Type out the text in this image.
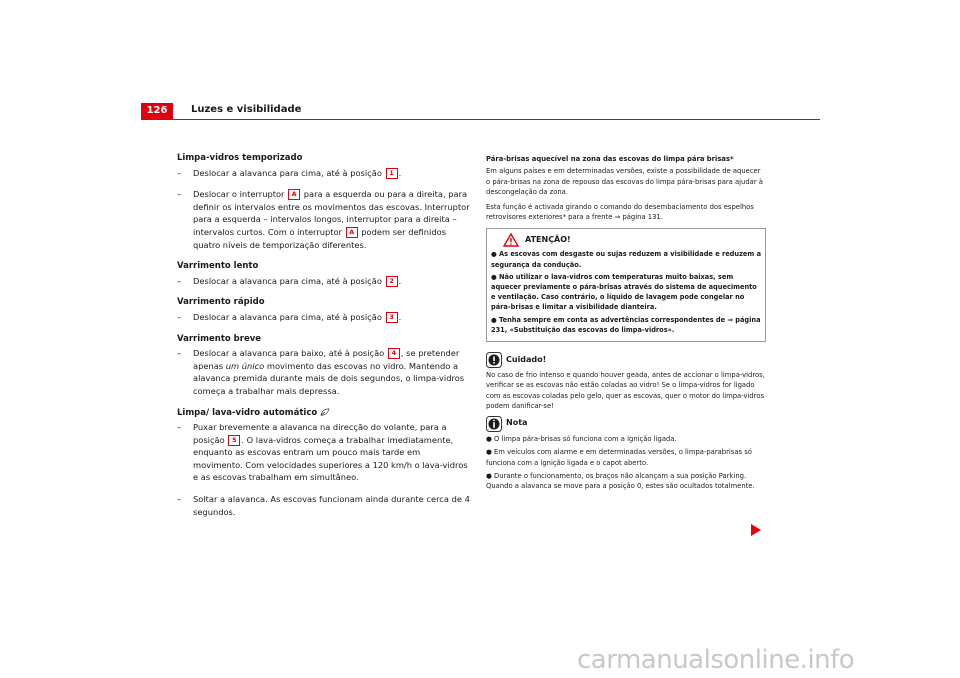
126	Luzes e visibilidade
Limpa-vidros temporizado
– Deslocar a alavanca para cima, até à posição 1 .
– Deslocar o interruptor A para a esquerda ou para a direita, para definir os intervalos entre os movimentos das escovas. Interruptor para a esquerda – intervalos longos, interruptor para a direita – intervalos curtos. Com o interruptor A podem ser definidos quatro níveis de temporização diferentes.
Varrimento lento
– Deslocar a alavanca para cima, até à posição 2 .
Varrimento rápido
– Deslocar a alavanca para cima, até à posição 3 .
Varrimento breve
– Deslocar a alavanca para baixo, até à posição 4 , se pretender apenas um único movimento das escovas no vidro. Mantendo a alavanca premida durante mais de dois segundos, o limpa-vidros começa a trabalhar mais depressa.
Limpa/ lava-vidro automático
– Puxar brevemente a alavanca na direcção do volante, para a posição 5 . O lava-vidros começa a trabalhar imediatamente, enquanto as escovas entram um pouco mais tarde em movimento. Com velocidades superiores a 120 km/h o lava-vidros e as escovas trabalham em simultâneo.
– Soltar a alavanca. As escovas funcionam ainda durante cerca de 4 segundos.
Pára-brisas aquecível na zona das escovas do limpa pára brisas*

Em alguns países e em determinadas versões, existe a possibilidade de aquecer o pára-brisas na zona de repouso das escovas do limpa pára-brisas para ajudar à descongelação da zona.

Esta função é activada girando o comando do desembaciamento dos espelhos retrovisores exteriores* para a frente ⇒ página 131.

ATENÇÃO!
● As escovas com desgaste ou sujas reduzem a visibilidade e reduzem a segurança da condução.
● Não utilizar o lava-vidros com temperaturas muito baixas, sem aquecer previamente o pára-brisas através do sistema de aquecimento e ventilação. Caso contrário, o líquido de lavagem pode congelar no pára-brisas e limitar a visibilidade dianteira.
● Tenha sempre em conta as advertências correspondentes de ⇒ página 231, «Substituição das escovas do limpa-vidros».
Cuidado!

No caso de frio intenso e quando houver geada, antes de accionar o limpa-vidros, verificar se as escovas não estão coladas ao vidro! Se o limpa-vidros for ligado com as escovas coladas pelo gelo, quer as escovas, quer o motor do limpa-vidros podem danificar-se!

Nota
● O limpa pára-brisas só funciona com a ignição ligada.
● Em veículos com alarme e em determinadas versões, o limpa-parabrisas só funciona com a ignição ligada e o capot aberto.
● Durante o funcionamento, os braços não alcançam a sua posição Parking. Quando a alavanca se move para a posição 0, estes são ocultados totalmente.
carmanualsonline.info
